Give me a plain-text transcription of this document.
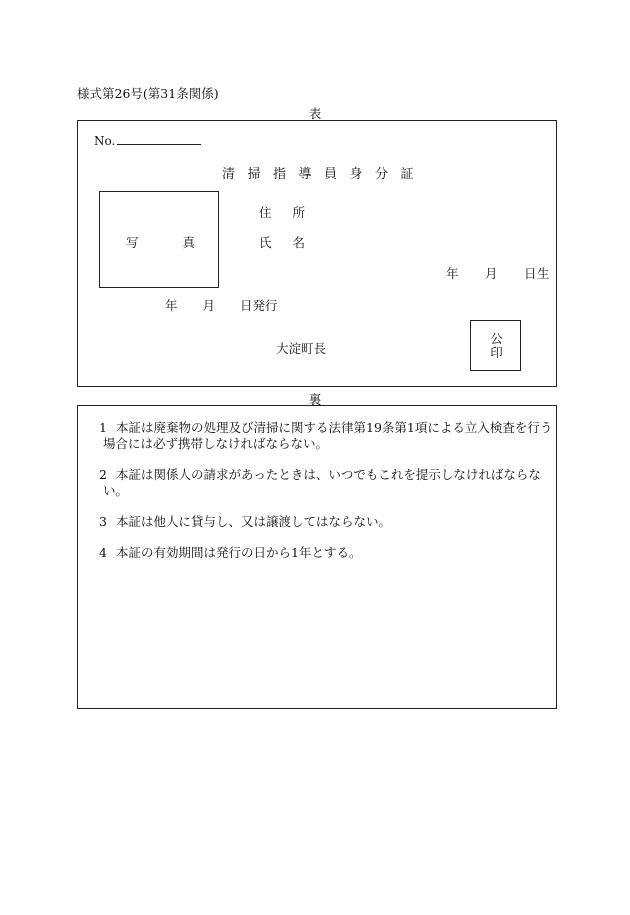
様式第26号(第31条関係)
表
No.
清掃指導員身分証
写真
住所
氏名
年　　月　　日生
年　　月　　日発行
大淀町長
公
印
裏
1 本証は廃棄物の処理及び清掃に関する法律第19条第1項による立入検査を行う場合には必ず携帯しなければならない。
2 本証は関係人の請求があったときは、いつでもこれを提示しなければならない。
3 本証は他人に貸与し、又は譲渡してはならない。
4 本証の有効期間は発行の日から1年とする。
